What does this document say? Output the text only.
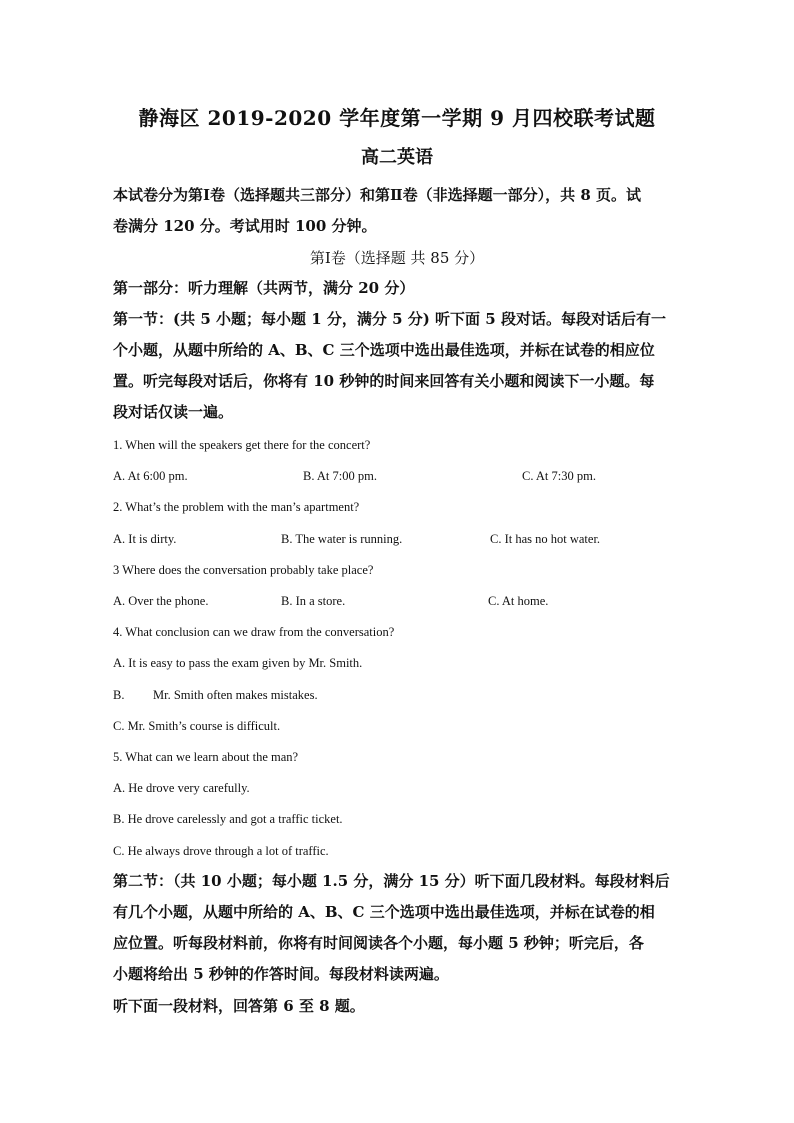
静海区 2019-2020 学年度第一学期 9 月四校联考试题
高二英语
本试卷分为第Ⅰ卷（选择题共三部分）和第Ⅱ卷（非选择题一部分），共 8 页。试
卷满分 120 分。考试用时 100 分钟。
第Ⅰ卷（选择题 共 85 分）
第一部分：听力理解（共两节，满分 20 分）
第一节：(共 5 小题；每小题 1 分，满分 5 分) 听下面 5 段对话。每段对话后有一
个小题，从题中所给的 A、B、C 三个选项中选出最佳选项，并标在试卷的相应位
置。听完每段对话后，你将有 10 秒钟的时间来回答有关小题和阅读下一小题。每
段对话仅读一遍。
1. When will the speakers get there for the concert?
A. At 6:00 pm.	B. At 7:00 pm.	C. At 7:30 pm.
2. What’s the problem with the man’s apartment?
A. It is dirty.	B. The water is running.	C. It has no hot water.
3 Where does the conversation probably take place?
A. Over the phone.	B. In a store.	C. At home.
4. What conclusion can we draw from the conversation?
A. It is easy to pass the exam given by Mr. Smith.
B. Mr. Smith often makes mistakes.
C. Mr. Smith’s course is difficult.
5. What can we learn about the man?
A. He drove very carefully.
B. He drove carelessly and got a traffic ticket.
C. He always drove through a lot of traffic.
第二节：（共 10 小题；每小题 1.5 分，满分 15 分）听下面几段材料。每段材料后
有几个小题，从题中所给的 A、B、C 三个选项中选出最佳选项，并标在试卷的相
应位置。听每段材料前，你将有时间阅读各个小题，每小题 5 秒钟；听完后，各
小题将给出 5 秒钟的作答时间。每段材料读两遍。
听下面一段材料，回答第 6 至 8 题。
